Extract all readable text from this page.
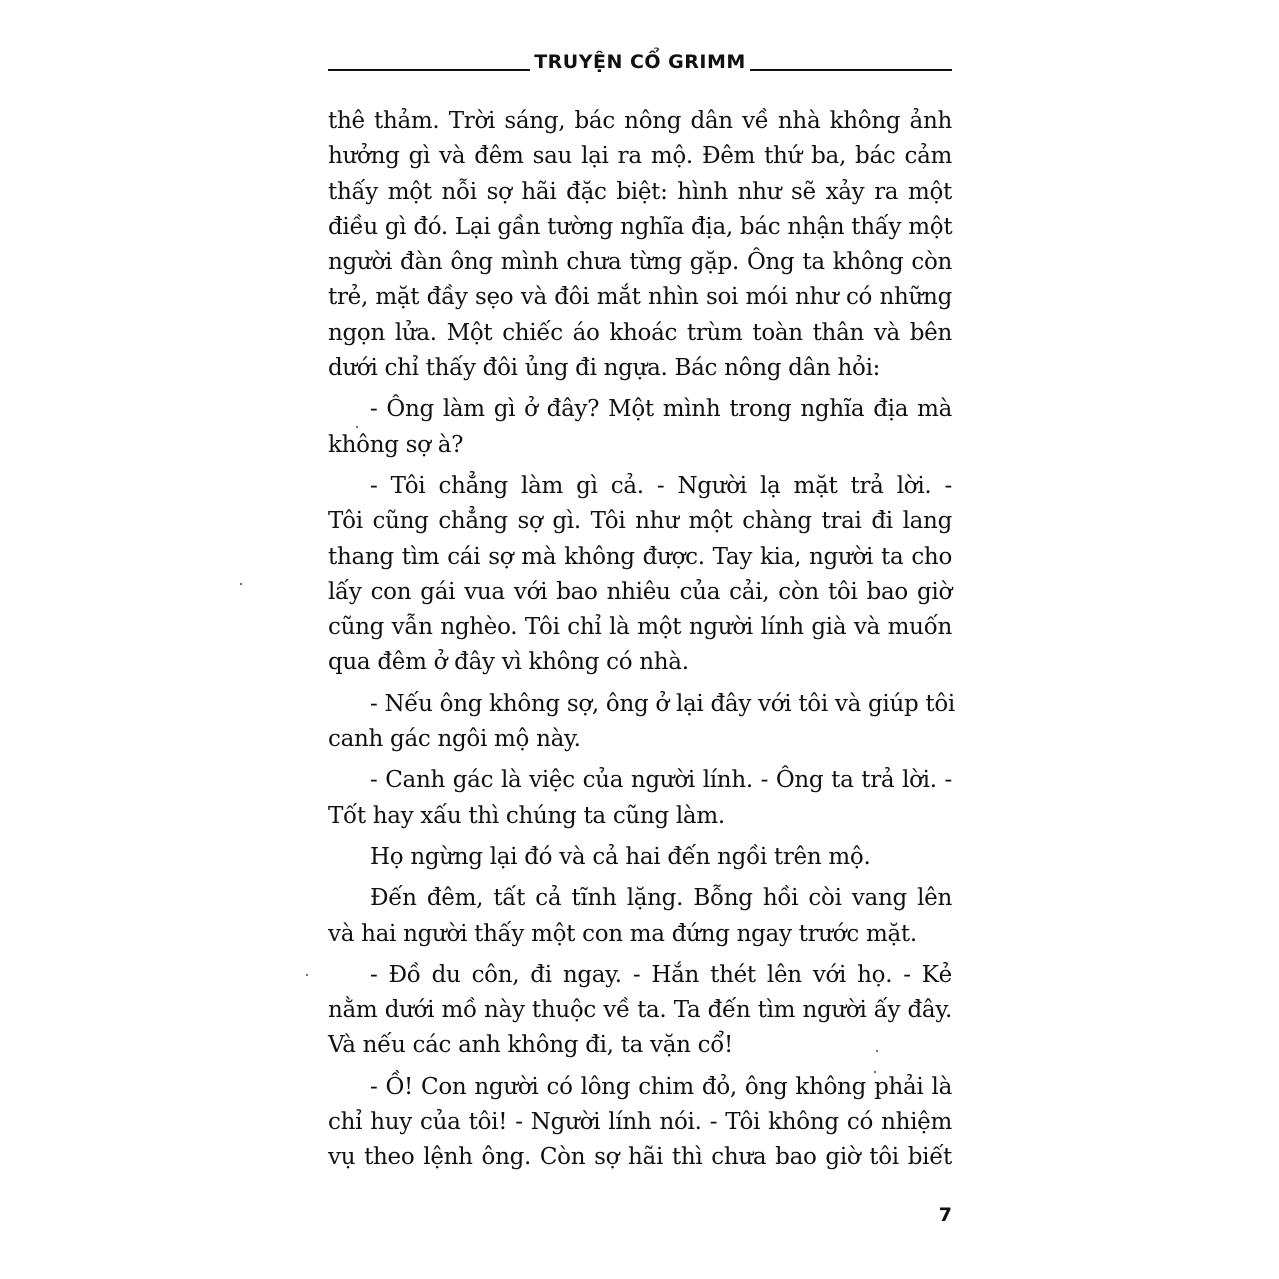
TRUYỆN CỔ GRIMM
thê thảm. Trời sáng, bác nông dân về nhà không ảnh
hưởng gì và đêm sau lại ra mộ. Đêm thứ ba, bác cảm
thấy một nỗi sợ hãi đặc biệt: hình như sẽ xảy ra một
điều gì đó. Lại gần tường nghĩa địa, bác nhận thấy một
người đàn ông mình chưa từng gặp. Ông ta không còn
trẻ, mặt đầy sẹo và đôi mắt nhìn soi mói như có những
ngọn lửa. Một chiếc áo khoác trùm toàn thân và bên
dưới chỉ thấy đôi ủng đi ngựa. Bác nông dân hỏi:
- Ông làm gì ở đây? Một mình trong nghĩa địa mà
không sợ à?
- Tôi chẳng làm gì cả. - Người lạ mặt trả lời. -
Tôi cũng chẳng sợ gì. Tôi như một chàng trai đi lang
thang tìm cái sợ mà không được. Tay kia, người ta cho
lấy con gái vua với bao nhiêu của cải, còn tôi bao giờ
cũng vẫn nghèo. Tôi chỉ là một người lính già và muốn
qua đêm ở đây vì không có nhà.
- Nếu ông không sợ, ông ở lại đây với tôi và giúp tôi
canh gác ngôi mộ này.
- Canh gác là việc của người lính. - Ông ta trả lời. -
Tốt hay xấu thì chúng ta cũng làm.
Họ ngừng lại đó và cả hai đến ngồi trên mộ.
Đến đêm, tất cả tĩnh lặng. Bỗng hồi còi vang lên
và hai người thấy một con ma đứng ngay trước mặt.
- Đồ du côn, đi ngay. - Hắn thét lên với họ. - Kẻ
nằm dưới mồ này thuộc về ta. Ta đến tìm người ấy đây.
Và nếu các anh không đi, ta vặn cổ!
- Ồ! Con người có lông chim đỏ, ông không phải là
chỉ huy của tôi! - Người lính nói. - Tôi không có nhiệm
vụ theo lệnh ông. Còn sợ hãi thì chưa bao giờ tôi biết
7
